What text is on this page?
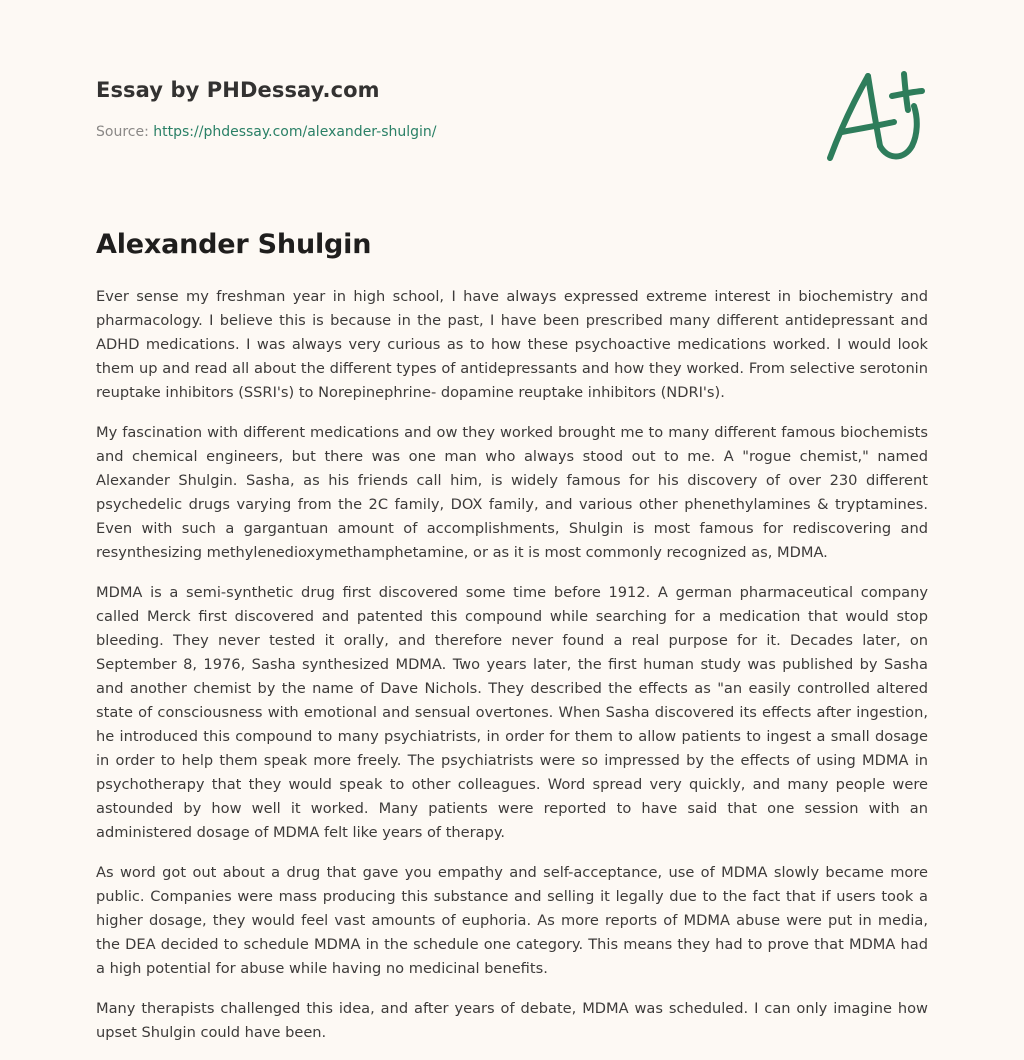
Essay by PHDessay.com
Source: https://phdessay.com/alexander-shulgin/
Alexander Shulgin

Ever sense my freshman year in high school, I have always expressed extreme interest in biochemistry and pharmacology. I believe this is because in the past, I have been prescribed many different antidepressant and ADHD medications. I was always very curious as to how these psychoactive medications worked. I would look them up and read all about the different types of antidepressants and how they worked. From selective serotonin reuptake inhibitors (SSRI's) to Norepinephrine- dopamine reuptake inhibitors (NDRI's).

My fascination with different medications and ow they worked brought me to many different famous biochemists and chemical engineers, but there was one man who always stood out to me. A "rogue chemist," named Alexander Shulgin. Sasha, as his friends call him, is widely famous for his discovery of over 230 different psychedelic drugs varying from the 2C family, DOX family, and various other phenethylamines & tryptamines. Even with such a gargantuan amount of accomplishments, Shulgin is most famous for rediscovering and resynthesizing methylenedioxymethamphetamine, or as it is most commonly recognized as, MDMA.

MDMA is a semi-synthetic drug first discovered some time before 1912. A german pharmaceutical company called Merck first discovered and patented this compound while searching for a medication that would stop bleeding. They never tested it orally, and therefore never found a real purpose for it. Decades later, on September 8, 1976, Sasha synthesized MDMA. Two years later, the first human study was published by Sasha and another chemist by the name of Dave Nichols. They described the effects as "an easily controlled altered state of consciousness with emotional and sensual overtones. When Sasha discovered its effects after ingestion, he introduced this compound to many psychiatrists, in order for them to allow patients to ingest a small dosage in order to help them speak more freely. The psychiatrists were so impressed by the effects of using MDMA in psychotherapy that they would speak to other colleagues. Word spread very quickly, and many people were astounded by how well it worked. Many patients were reported to have said that one session with an administered dosage of MDMA felt like years of therapy.

As word got out about a drug that gave you empathy and self-acceptance, use of MDMA slowly became more public. Companies were mass producing this substance and selling it legally due to the fact that if users took a higher dosage, they would feel vast amounts of euphoria. As more reports of MDMA abuse were put in media, the DEA decided to schedule MDMA in the schedule one category. This means they had to prove that MDMA had a high potential for abuse while having no medicinal benefits.

Many therapists challenged this idea, and after years of debate, MDMA was scheduled. I can only imagine how upset Shulgin could have been.
